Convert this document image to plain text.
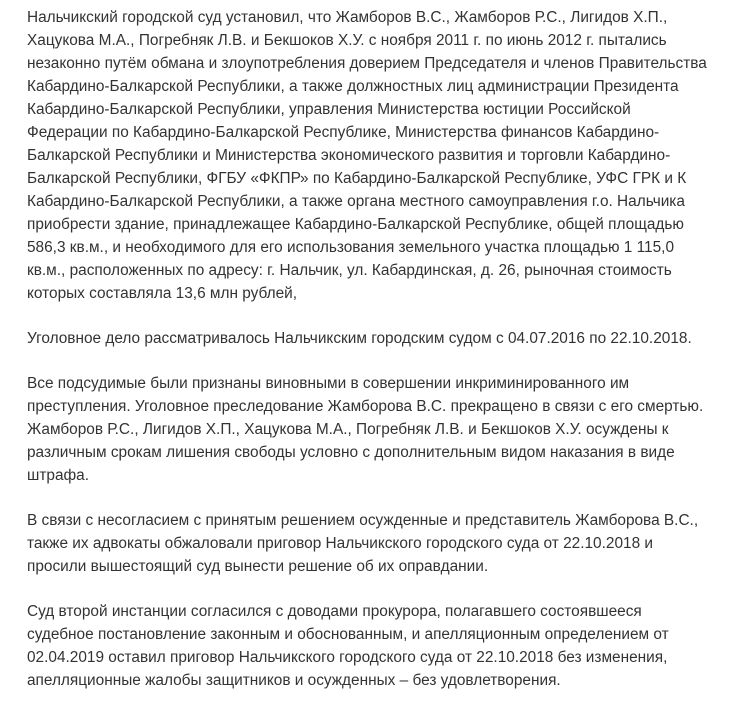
Нальчикский городской суд установил, что Жамборов В.С., Жамборов Р.С., Лигидов Х.П.,
Хацукова М.А., Погребняк Л.В. и Бекшоков Х.У. с ноября 2011 г. по июнь 2012 г. пытались
незаконно путём обмана и злоупотребления доверием Председателя и членов Правительства
Кабардино-Балкарской Республики, а также должностных лиц администрации Президента
Кабардино-Балкарской Республики, управления Министерства юстиции Российской
Федерации по Кабардино-Балкарской Республике, Министерства финансов Кабардино-
Балкарской Республики и Министерства экономического развития и торговли Кабардино-
Балкарской Республики, ФГБУ «ФКПР» по Кабардино-Балкарской Республике, УФС ГРК и К
Кабардино-Балкарской Республики, а также органа местного самоуправления г.о. Нальчика
приобрести здание, принадлежащее Кабардино-Балкарской Республике, общей площадью
586,3 кв.м., и необходимого для его использования земельного участка площадью 1 115,0
кв.м., расположенных по адресу: г. Нальчик, ул. Кабардинская, д. 26, рыночная стоимость
которых составляла 13,6 млн рублей,

Уголовное дело рассматривалось Нальчикским городским судом с 04.07.2016 по 22.10.2018.

Все подсудимые были признаны виновными в совершении инкриминированного им
преступления. Уголовное преследование Жамборова В.С. прекращено в связи с его смертью.
Жамборов Р.С., Лигидов Х.П., Хацукова М.А., Погребняк Л.В. и Бекшоков Х.У. осуждены к
различным срокам лишения свободы условно с дополнительным видом наказания в виде
штрафа.

В связи с несогласием с принятым решением осужденные и представитель Жамборова В.С.,
также их адвокаты обжаловали приговор Нальчикского городского суда от 22.10.2018 и
просили вышестоящий суд вынести решение об их оправдании.

Суд второй инстанции согласился с доводами прокурора, полагавшего состоявшееся
судебное постановление законным и обоснованным, и апелляционным определением от
02.04.2019 оставил приговор Нальчикского городского суда от 22.10.2018 без изменения,
апелляционные жалобы защитников и осужденных – без удовлетворения.
